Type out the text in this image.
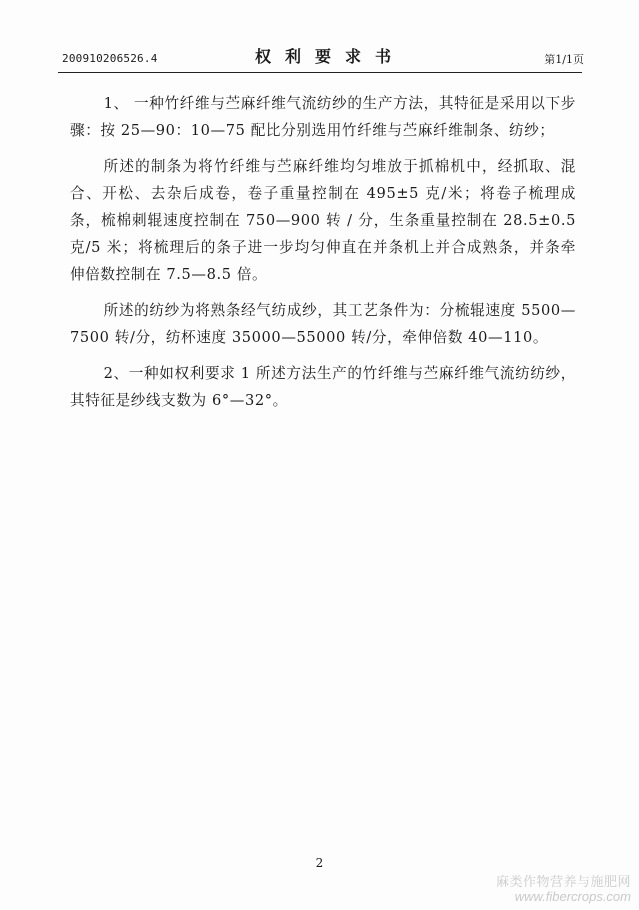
200910206526.4	权利要求书	第1/1页

1、 一种竹纤维与苎麻纤维气流纺纱的生产方法，其特征是采用以下步骤：按 25—90：10—75 配比分别选用竹纤维与苎麻纤维制条、纺纱；

所述的制条为将竹纤维与苎麻纤维均匀堆放于抓棉机中，经抓取、混合、开松、去杂后成卷，卷子重量控制在 495±5 克/米；将卷子梳理成条，梳棉刺辊速度控制在 750—900 转 / 分，生条重量控制在 28.5±0.5 克/5 米；将梳理后的条子进一步均匀伸直在并条机上并合成熟条，并条牵伸倍数控制在 7.5—8.5 倍。

所述的纺纱为将熟条经气纺成纱，其工艺条件为：分梳辊速度 5500—7500 转/分，纺杯速度 35000—55000 转/分，牵伸倍数 40—110。

2、一种如权利要求 1 所述方法生产的竹纤维与苎麻纤维气流纺纺纱，其特征是纱线支数为 6°—32°。

2
麻类作物营养与施肥网
www.fibercrops.com
